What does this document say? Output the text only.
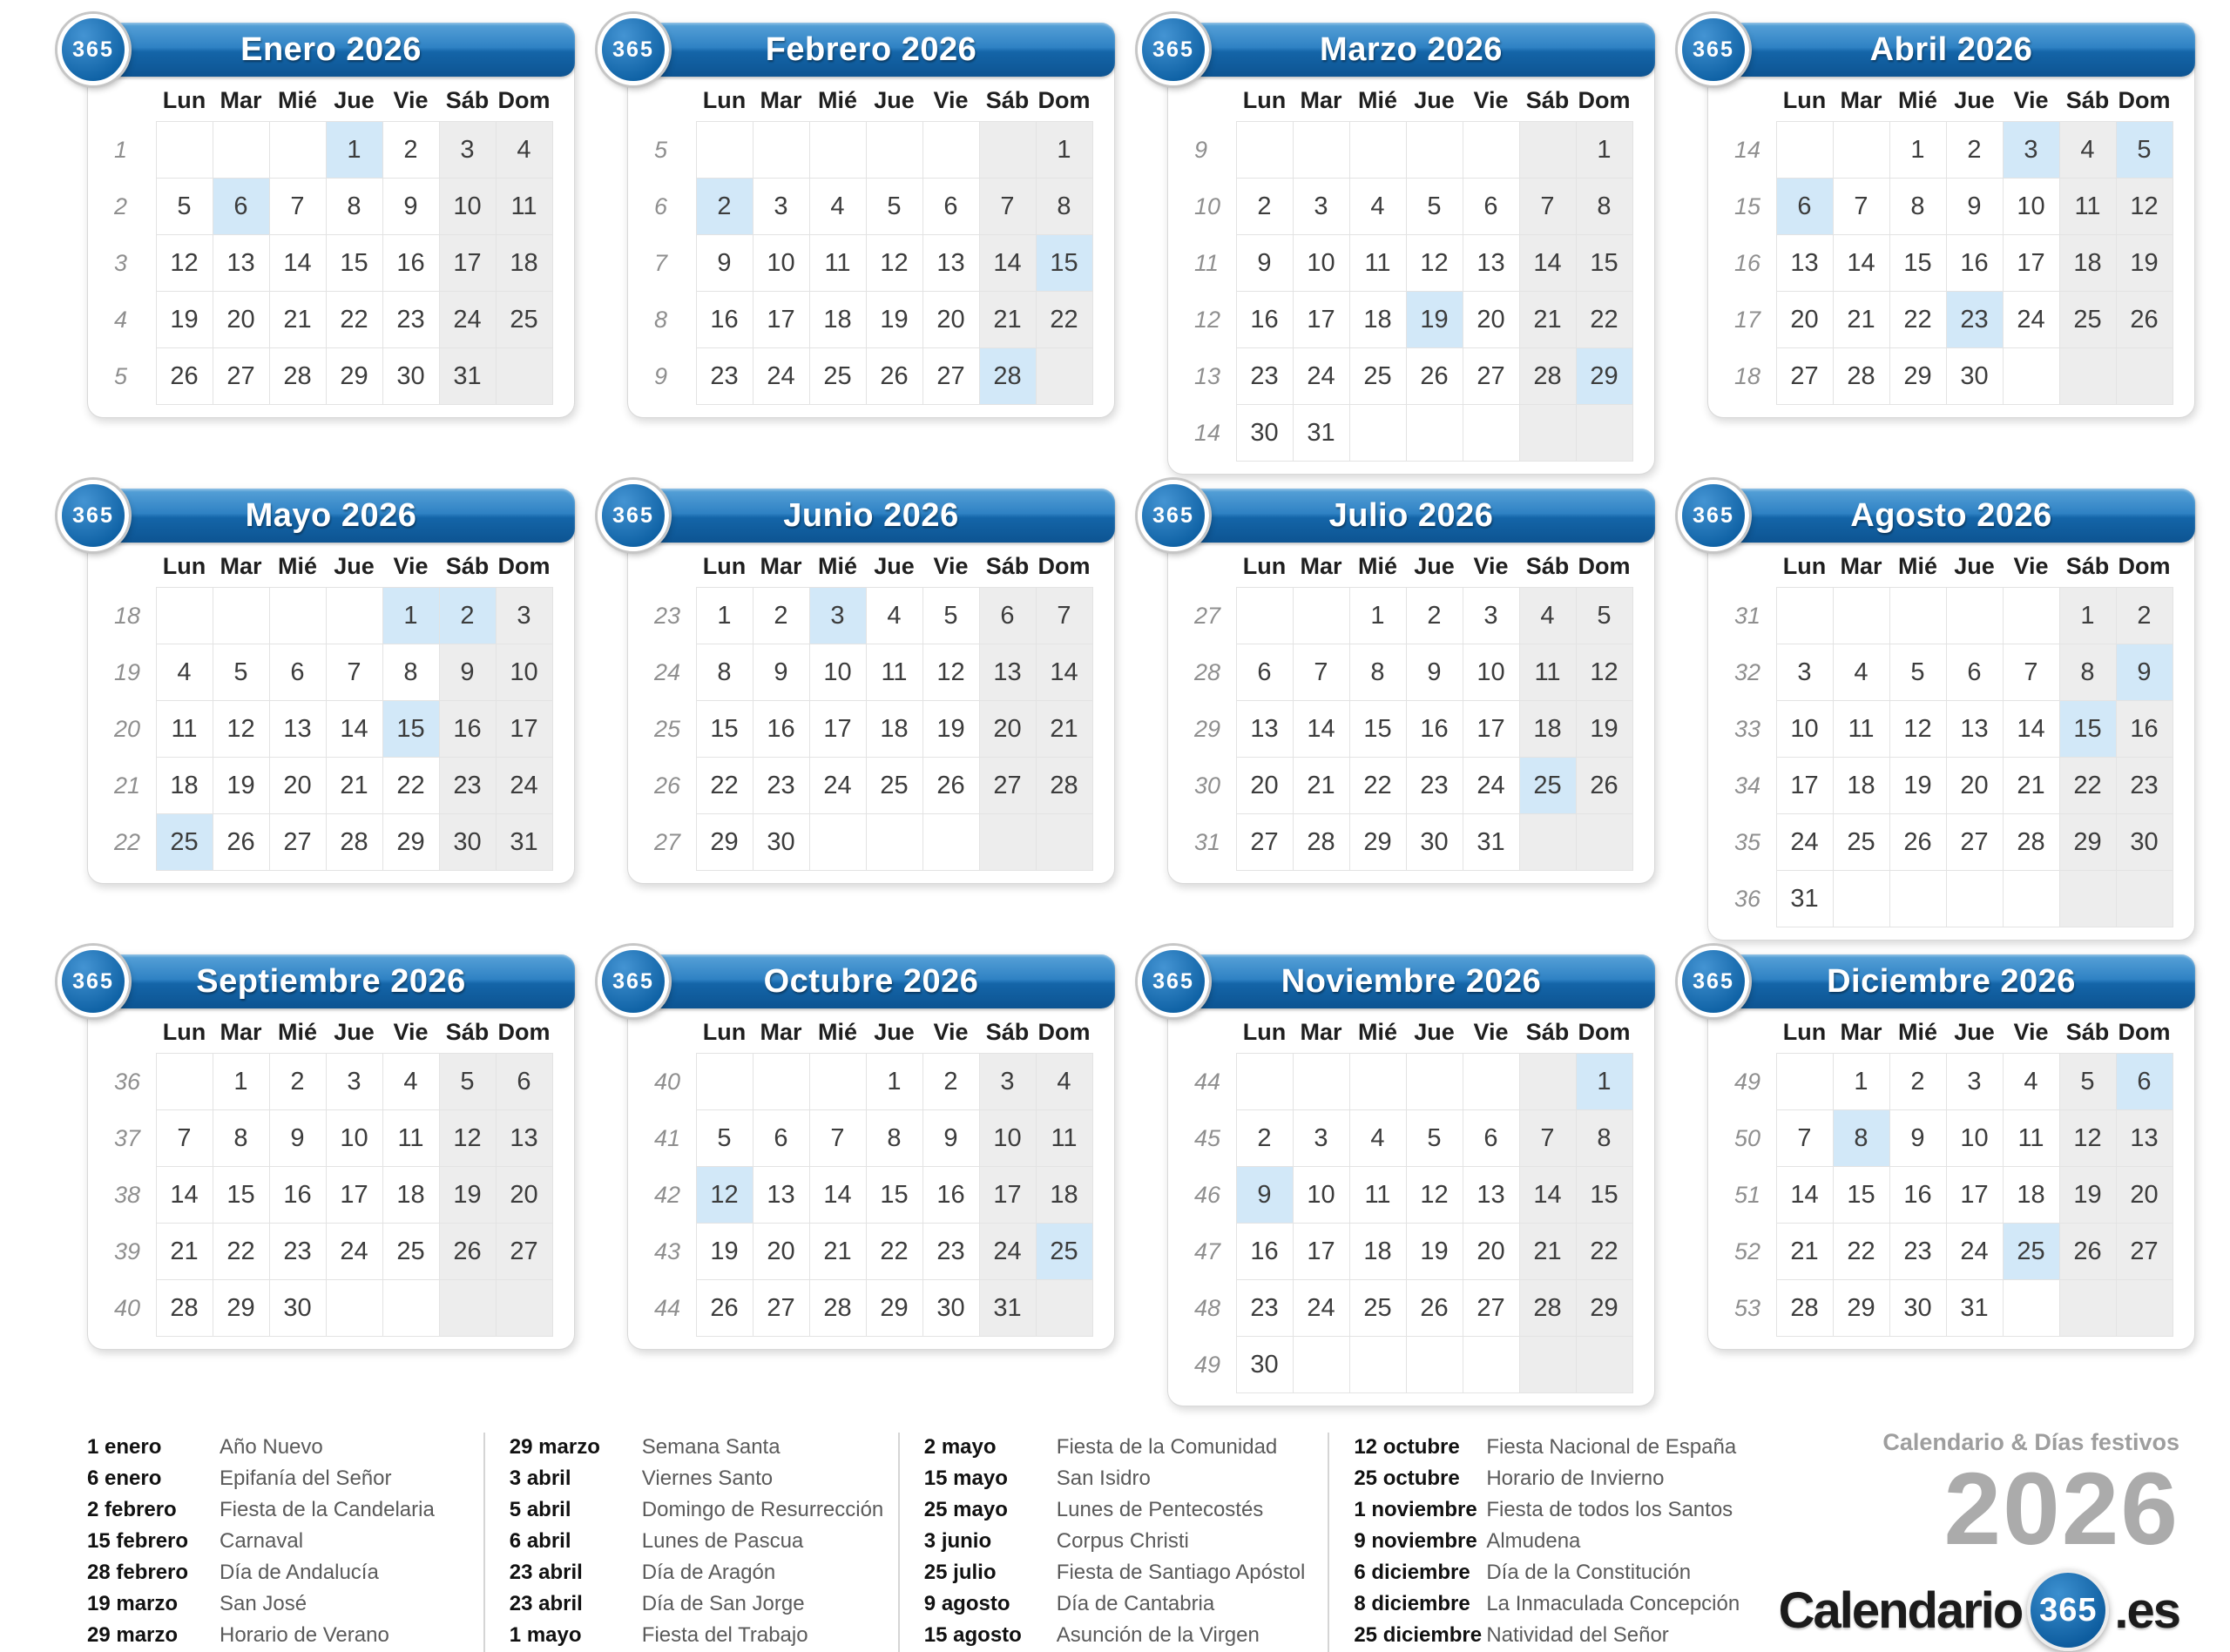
365	Enero 2026
	Lun	Mar	Mié	Jue	Vie	Sáb	Dom
1				1	2	3	4
2	5	6	7	8	9	10	11
3	12	13	14	15	16	17	18
4	19	20	21	22	23	24	25
5	26	27	28	29	30	31	
365	Febrero 2026
	Lun	Mar	Mié	Jue	Vie	Sáb	Dom
5							1
6	2	3	4	5	6	7	8
7	9	10	11	12	13	14	15
8	16	17	18	19	20	21	22
9	23	24	25	26	27	28	
365	Marzo 2026
	Lun	Mar	Mié	Jue	Vie	Sáb	Dom
9							1
10	2	3	4	5	6	7	8
11	9	10	11	12	13	14	15
12	16	17	18	19	20	21	22
13	23	24	25	26	27	28	29
14	30	31					
365	Abril 2026
	Lun	Mar	Mié	Jue	Vie	Sáb	Dom
14			1	2	3	4	5
15	6	7	8	9	10	11	12
16	13	14	15	16	17	18	19
17	20	21	22	23	24	25	26
18	27	28	29	30			
365	Mayo 2026
	Lun	Mar	Mié	Jue	Vie	Sáb	Dom
18					1	2	3
19	4	5	6	7	8	9	10
20	11	12	13	14	15	16	17
21	18	19	20	21	22	23	24
22	25	26	27	28	29	30	31
365	Junio 2026
	Lun	Mar	Mié	Jue	Vie	Sáb	Dom
23	1	2	3	4	5	6	7
24	8	9	10	11	12	13	14
25	15	16	17	18	19	20	21
26	22	23	24	25	26	27	28
27	29	30					
365	Julio 2026
	Lun	Mar	Mié	Jue	Vie	Sáb	Dom
27			1	2	3	4	5
28	6	7	8	9	10	11	12
29	13	14	15	16	17	18	19
30	20	21	22	23	24	25	26
31	27	28	29	30	31		
365	Agosto 2026
	Lun	Mar	Mié	Jue	Vie	Sáb	Dom
31						1	2
32	3	4	5	6	7	8	9
33	10	11	12	13	14	15	16
34	17	18	19	20	21	22	23
35	24	25	26	27	28	29	30
36	31						
365	Septiembre 2026
	Lun	Mar	Mié	Jue	Vie	Sáb	Dom
36		1	2	3	4	5	6
37	7	8	9	10	11	12	13
38	14	15	16	17	18	19	20
39	21	22	23	24	25	26	27
40	28	29	30				
365	Octubre 2026
	Lun	Mar	Mié	Jue	Vie	Sáb	Dom
40				1	2	3	4
41	5	6	7	8	9	10	11
42	12	13	14	15	16	17	18
43	19	20	21	22	23	24	25
44	26	27	28	29	30	31	
365	Noviembre 2026
	Lun	Mar	Mié	Jue	Vie	Sáb	Dom
44							1
45	2	3	4	5	6	7	8
46	9	10	11	12	13	14	15
47	16	17	18	19	20	21	22
48	23	24	25	26	27	28	29
49	30						
365	Diciembre 2026
	Lun	Mar	Mié	Jue	Vie	Sáb	Dom
49		1	2	3	4	5	6
50	7	8	9	10	11	12	13
51	14	15	16	17	18	19	20
52	21	22	23	24	25	26	27
53	28	29	30	31			
1 enero	Año Nuevo
6 enero	Epifanía del Señor
2 febrero Fiesta de la Candelaria
15 febrero Carnaval
28 febrero Día de Andalucía
19 marzo San José
29 marzo Horario de Verano
29 marzo Semana Santa
3 abril	Viernes Santo
5 abril	Domingo de Resurrección
6 abril	Lunes de Pascua
23 abril	Día de Aragón
23 abril	Día de San Jorge
1 mayo	Fiesta del Trabajo
2 mayo	Fiesta de la Comunidad
15 mayo San Isidro
25 mayo Lunes de Pentecostés
3 junio	Corpus Christi
25 julio	Fiesta de Santiago Apóstol
9 agosto Día de Cantabria
15 agosto Asunción de la Virgen
12 octubre Fiesta Nacional de España
25 octubre Horario de Invierno
1 noviembre Fiesta de todos los Santos
9 noviembre Almudena
6 diciembre Día de la Constitución
8 diciembre La Inmaculada Concepción
25 diciembre Natividad del Señor
Calendario & Días festivos
2026
Calendario 365 .es
